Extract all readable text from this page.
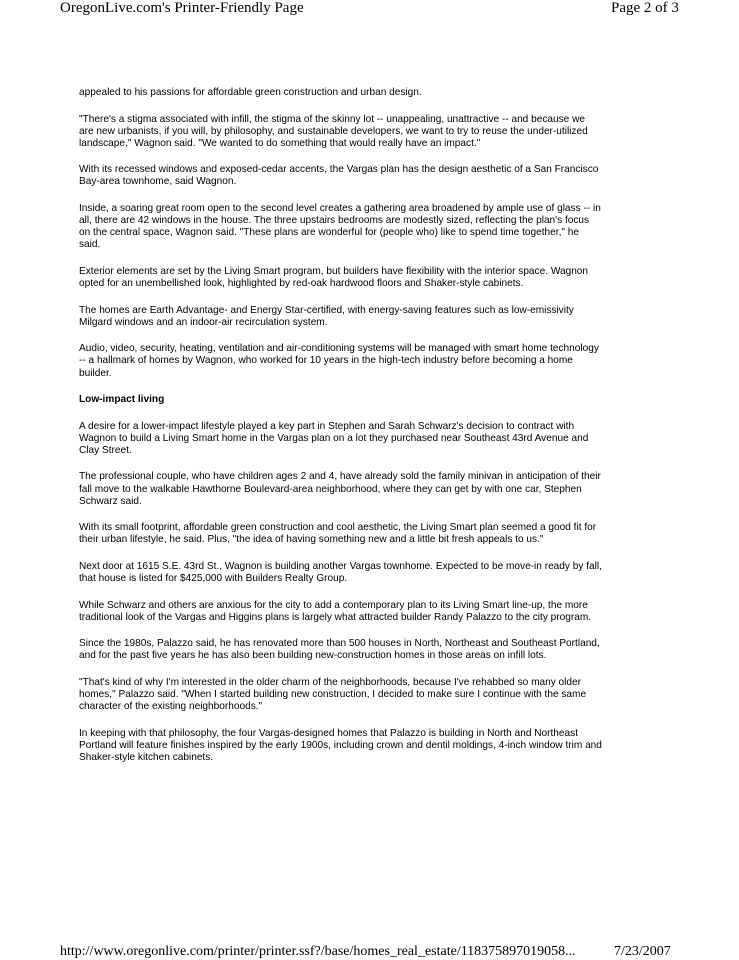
OregonLive.com's Printer-Friendly Page	Page 2 of 3

appealed to his passions for affordable green construction and urban design.

"There's a stigma associated with infill, the stigma of the skinny lot -- unappealing, unattractive -- and because we are new urbanists, if you will, by philosophy, and sustainable developers, we want to try to reuse the under-utilized landscape," Wagnon said. "We wanted to do something that would really have an impact."

With its recessed windows and exposed-cedar accents, the Vargas plan has the design aesthetic of a San Francisco Bay-area townhome, said Wagnon.

Inside, a soaring great room open to the second level creates a gathering area broadened by ample use of glass -- in all, there are 42 windows in the house. The three upstairs bedrooms are modestly sized, reflecting the plan's focus on the central space, Wagnon said. "These plans are wonderful for (people who) like to spend time together," he said.

Exterior elements are set by the Living Smart program, but builders have flexibility with the interior space. Wagnon opted for an unembellished look, highlighted by red-oak hardwood floors and Shaker-style cabinets.

The homes are Earth Advantage- and Energy Star-certified, with energy-saving features such as low-emissivity Milgard windows and an indoor-air recirculation system.

Audio, video, security, heating, ventilation and air-conditioning systems will be managed with smart home technology -- a hallmark of homes by Wagnon, who worked for 10 years in the high-tech industry before becoming a home builder.

Low-impact living

A desire for a lower-impact lifestyle played a key part in Stephen and Sarah Schwarz's decision to contract with Wagnon to build a Living Smart home in the Vargas plan on a lot they purchased near Southeast 43rd Avenue and Clay Street.

The professional couple, who have children ages 2 and 4, have already sold the family minivan in anticipation of their fall move to the walkable Hawthorne Boulevard-area neighborhood, where they can get by with one car, Stephen Schwarz said.

With its small footprint, affordable green construction and cool aesthetic, the Living Smart plan seemed a good fit for their urban lifestyle, he said. Plus, "the idea of having something new and a little bit fresh appeals to us."

Next door at 1615 S.E. 43rd St., Wagnon is building another Vargas townhome. Expected to be move-in ready by fall, that house is listed for $425,000 with Builders Realty Group.

While Schwarz and others are anxious for the city to add a contemporary plan to its Living Smart line-up, the more traditional look of the Vargas and Higgins plans is largely what attracted builder Randy Palazzo to the city program.

Since the 1980s, Palazzo said, he has renovated more than 500 houses in North, Northeast and Southeast Portland, and for the past five years he has also been building new-construction homes in those areas on infill lots.

"That's kind of why I'm interested in the older charm of the neighborhoods, because I've rehabbed so many older homes," Palazzo said. "When I started building new construction, I decided to make sure I continue with the same character of the existing neighborhoods."

In keeping with that philosophy, the four Vargas-designed homes that Palazzo is building in North and Northeast Portland will feature finishes inspired by the early 1900s, including crown and dentil moldings, 4-inch window trim and Shaker-style kitchen cabinets.

http://www.oregonlive.com/printer/printer.ssf?/base/homes_real_estate/118375897019058...	7/23/2007
